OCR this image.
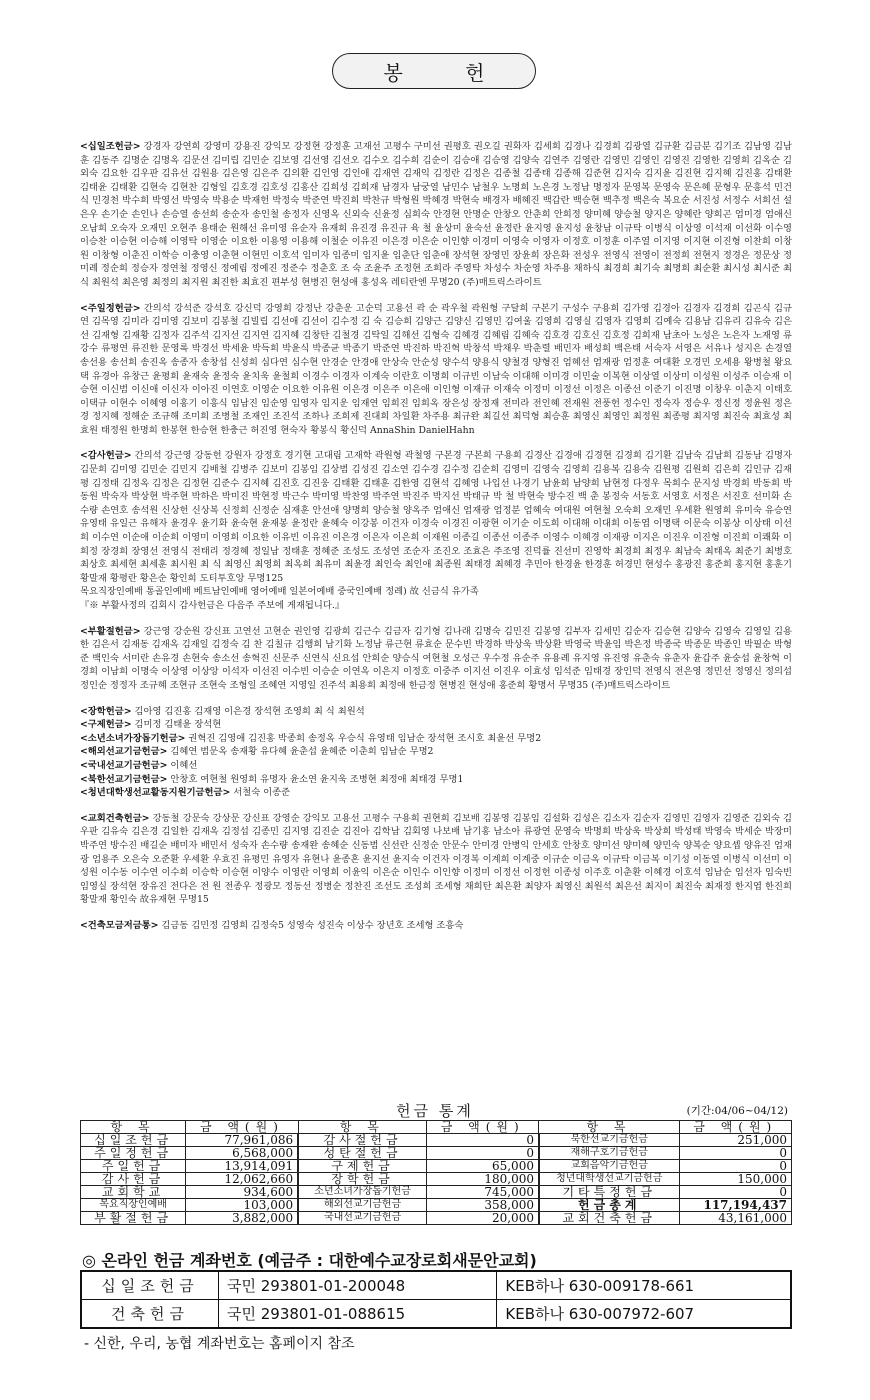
봉 헌
<십일조헌금> 강경자 강연희 강영미 강용진 강익모 강정현 강정훈 고재선 고평수 구미선 권평호 권오길 권화자 김세희 김경나 김경희 김광열 김규환 김금분 김기조 김남영 김남훈 김동주 김명순 김명옥 김문선 김미립 김민순 김보영 김선영 김선오 김수오 김수희 김순이 김승애 김승영 김양숙 김연주 김영란 김영민 김영인 김영진 김영한 김영희 김옥순 김외숙 김요한 김우판 김유선 김원용 김은영 김은주 김의환 김인영 김인애 김재연 김재익 김정란 김정은 김종철 김종태 김종해 김준현 김지숙 김지윤 김진현 김지혜 김진홍 김태환 김태윤 김태환 김현숙 김현찬 김형일 김호경 김호성 김홍산 김희성 김희재 남경자 남궁열 남민수 남철우 노명희 노은경 노정남 명정자 문영복 문영숙 문은혜 문형우 문흥석 민건식 민경천 박수희 박영선 박영숙 박용순 박재헌 박정숙 박준연 박진희 박찬규 박형원 박혜경 박현숙 배경자 배혜진 백갑란 백승현 백추정 백은숙 복요순 서진성 서정수 서희선 설은우 손기순 손인나 손승열 송선희 송순자 송인철 송정자 신영옥 신외숙 신윤정 심희숙 안경현 안명순 안창오 안춘희 안희정 양미혜 양승철 양지은 양혜란 양희곤 엄미경 엄애신 오남희 오숙자 오재민 오현주 용태순 원해선 유미영 유순자 유재희 유진경 유진규 육 철 윤상미 윤숙선 윤정란 윤지영 윤지성 윤창남 이규탁 이병식 이상영 이석재 이선화 이수영 이승찬 이승현 이승해 이영탁 이영순 이요한 이용영 이용해 이철순 이유진 이은경 이은순 이인향 이경미 이영숙 이영자 이정호 이정훈 이주열 이지영 이지현 이진형 이찬희 이창원 이창형 이춘진 이학승 이충영 이춘현 이현민 이호석 임미자 임종미 임지윤 임춘단 임춘애 장석현 장영민 장윤희 장은화 전성우 전영식 전영이 전정희 전현지 정경은 정문상 정미례 정순희 정승자 정연철 정영신 정예림 정예진 정준수 정춘호 조 숙 조윤주 조정현 조희라 주영탁 차성수 차순영 차주용 채하식 최경희 최기숙 최명희 최순환 최시성 최시준 최 식 최원석 최은영 최정의 최지원 최진한 최효진 편부성 현병진 현성애 홍성옥 레티란엔 무명20 (주)매트릭스라이트
<주일정헌금> 간의석 강석준 강석호 강신덕 강영희 강정난 강춘운 고순덕 고용선 곽 순 곽우철 곽원형 구달희 구본기 구성수 구용희 김가영 김경아 김경자 김경희 김곤식 김규연 김목영 김미라 김미영 김보미 김봉철 김빌립 김선애 김선이 김수정 김 숙 김승희 김양근 김양신 김영민 김여울 김영희 김영실 김영자 김영희 김예숙 김용남 김유리 김유숙 김은선 김재형 김재황 김정자 김주석 김지선 김지연 김지혜 김창탄 김철경 김탁일 김해선 김형숙 김혜경 김혜림 김혜숙 김호경 김호신 김호정 김희재 남초아 노성은 노은자 노재영 류강수 류평연 류진한 문영록 박경선 박세윤 박득희 박윤식 박종균 박종기 박준연 박진하 박진혁 박창석 박채우 박춘렬 배민자 배성희 백은태 서숙자 서영은 서유나 성지은 손경열 송선용 송선희 송진옥 송종자 송창섭 신성희 심다연 심수현 안경순 안경애 안상숙 안순성 양수석 양용식 양철경 양형진 엄혜선 엄재광 엄정훈 여대환 오경민 오세용 왕병철 왕요택 유경아 유창근 윤평희 윤재숙 윤정숙 윤치욱 윤철희 이경수 이경자 이계숙 이란호 이명희 이규빈 이남숙 이대해 이미경 이민술 이복현 이상열 이상미 이성원 이성주 이승재 이승현 이신범 이신애 이신자 이아진 이연호 이영순 이요한 이유원 이은경 이은주 이은애 이인형 이재규 이재숙 이정미 이정선 이정은 이종선 이준기 이진명 이창우 이춘지 이태호 이택규 이현수 이혜영 이홍기 이흥식 임남진 임순영 임영자 임지운 임재연 임희진 임희옥 장은성 장정재 전미라 전인혜 전재원 전풍헌 정수인 정숙자 정승우 정신정 정윤원 정은경 정지혜 정해순 조규해 조미희 조병철 조재인 조진석 조하나 조희제 진대희 차일환 차주용 최규완 최길선 최덕형 최승훈 최영신 최영인 최정원 최종평 최지영 최진숙 최효성 최효원 태정원 한명희 한봉현 한승현 한충근 허진영 현숙자 황봉식 황신덕 AnnaShin DanielHahn
<감사헌금> 간의석 강근영 강동헌 강원자 강정호 경기현 고대림 고재학 곽원형 곽철영 구본경 구본희 구용희 김경산 김경애 김경현 김경희 김기환 김남숙 김남희 김동남 김명자 김문희 김미영 김민순 김민지 김배철 김병주 김보미 김봉임 김상범 김성진 김소연 김수경 김수정 김순희 김영미 김영숙 김영희 김용복 김용숙 김원평 김원희 김은희 김인규 김재평 김정태 김정옥 김정은 김정현 김준수 김지혜 김진호 김진웅 김태환 김태훈 김한영 김현석 김혜영 나입선 나경기 남윤희 남양희 남현정 다정우 목희수 문지성 박경희 박동희 박동원 박숙자 박상현 박주현 박하은 박미진 박현정 박근수 박미영 박찬영 박주연 박진주 박지선 박태규 박 철 박현숙 방수진 백 춘 봉정숙 서동호 서영호 서정은 서진호 선미화 손수량 손연호 송석원 신상헌 신상복 신정희 신정순 심재훈 안선애 양명희 양승철 양옥주 엄애신 엄재광 엄정분 엄혜숙 여대원 여현철 오숙희 오재민 우세환 원영희 유미숙 유승연 유영태 유일근 유해자 윤경우 윤기화 윤숙현 윤재봉 윤정란 윤혜숙 이강봉 이건자 이경숙 이경진 이광현 이기순 이도희 이대해 이대희 이동엽 이명택 이문숙 이봉상 이상태 이선희 이수연 이순애 이순희 이영미 이영희 이요한 이유빈 이유진 이은경 이은자 이은희 이재원 이종길 이종선 이종주 이영수 이혜경 이재광 이지은 이진우 이진형 이진희 이쾌화 이희정 장경희 장영선 전영식 전태리 정경혜 정일남 정태훈 정혜준 조성도 조성연 조순자 조진오 조효은 주조영 진덕률 진선미 진영학 최경희 최정우 최남숙 최태옥 최준기 최병호 최상호 최세현 최세훈 최시원 최 식 최영신 최영희 최옥희 최유미 최윤경 최인숙 최인애 최종원 최태경 최혜경 추민아 한경윤 한경훈 허경민 현성수 홍광진 홍준희 홍지현 홍훈기 황말재 황평란 황은순 황인희 도티투호앙 무명125
목요직장인예배 통골인예배 베트남인예배 영어예배 일본어예배 중국인예배 정례) 故 신금식 유가족
『※ 부활사정의 김회시 감사헌금은 다음주 주보에 게재됩니다.』
<부활절헌금> 강근영 강순원 강신표 고연선 고현순 권인영 김광희 김근수 김금자 김기형 김나래 김명숙 김민진 김봉영 김부자 김세민 김순자 김승현 김양숙 김영숙 김영일 김용한 김은서 김재동 김재옥 김재일 김정숙 김 찬 김칠규 김행희 남기화 노정남 류근현 류효순 문수빈 박경하 박상욱 박상환 박영국 박윤임 박은정 박종국 박종문 박종인 박필순 박형준 백인숙 서미란 손유경 손현숙 송소선 송혁진 신문주 신연식 신요섭 안희순 양승식 여현철 오성근 우수정 유순주 유용례 유지영 유진영 유춘숙 유춘자 윤갑주 윤숭섭 윤창혁 이경희 이남희 이명숙 이상영 이상앙 이석자 이선진 이수빈 이승순 이연옥 이은지 이정호 이중주 이지선 이진우 이효성 임석준 임태경 장인덕 전영식 전은영 정민선 정영신 정의섭 정인순 정정자 조규혜 조현규 조현숙 조형일 조혜연 지영일 진주석 최용희 최정애 한금정 현병진 현성애 홍준희 황명서 무명35 (주)매트릭스라이트
<장학헌금> 김아영 김진홍 김재영 이은경 장석현 조영희 최 식 최원석
<구제헌금> 김미정 김태윤 장석현
<소년소녀가장돕기헌금> 권혁진 김영애 김진홍 박종희 송정옥 우승식 유영태 임남순 장석현 조시호 최윤선 무명2
<해외선교기금헌금> 김혜연 범문옥 송재황 유다혜 윤춘섭 윤혜준 이춘희 임남순 무명2
<국내선교기금헌금> 이혜선
<북한선교기금헌금> 안창호 여현철 원영희 유명자 윤소연 윤지욱 조병현 최정애 최태경 무명1
<청년대학생선교활동지원기금헌금> 서철숙 이종준
<교회건축헌금> 강동철 강문숙 강상문 강신표 강영순 강익모 고용선 고평수 구용희 권현희 김보배 김봉영 김봉임 김설화 김성은 김소자 김순자 김영민 김영자 김영준 김외숙 김우판 김유숙 김은경 김일한 김재옥 김정섭 김종민 김지영 김진순 김진아 김학남 김회영 나보배 남기홍 남소아 류광연 문영숙 박명희 박상욱 박상희 박성태 박영숙 박세순 박장미 박주연 방수진 배길순 배미자 배민서 성숙자 손수량 송재완 송혜순 신동범 신선란 신정순 안문수 안미경 안병익 안세호 안창호 양미선 양미혜 양민숙 양복순 양요셉 양유진 엄재광 엄용주 오은숙 오준환 우세환 우효진 유평민 유영자 유현나 윤종혼 윤지선 윤지숙 이건자 이경복 이계희 이계중 이규순 이금옥 이규탁 이금복 이기성 이동열 이병식 이선미 이성원 이수동 이수연 이수희 이승학 이승현 이양수 이영란 이영희 이윤익 이은순 이인수 이인향 이정미 이정선 이정헌 이종성 이주호 이춘환 이혜경 이호석 임남순 임선자 임숙빈 임영실 장석현 장유진 전다은 전 원 전종우 정광모 정동선 정병순 정찬진 조선도 조성희 조세형 채희탄 최은환 최양자 최영신 최원석 최은선 최지이 최진숙 최재정 한지엽 한진희 황말재 황인숙 故유재현 무명15
<건축모금저금통> 김금동 김민정 김영희 김정숙5 성영숙 성진숙 이상수 장년호 조세형 조흥숙
헌금 통계	(기간:04/06~04/12)
항 목	금 액(원)	항 목	금 액(원)	항 목	금 액(원)
십일조헌금	77,961,086	감사절헌금	0	북한선교기금헌금	251,000
주일정헌금	6,568,000	성탄절헌금	0	재해구호기금헌금	0
주일헌금	13,914,091	구제헌금	65,000	교회음악기금헌금	0
감사헌금	12,062,660	장학헌금	180,000	청년대학생선교기금헌금	150,000
교회학교	934,600	소년소녀가장돕기헌금	745,000	기타특정헌금	0
목요직장인예배	103,000	해외선교기금헌금	358,000	헌금총계	117,194,437
부활절헌금	3,882,000	국내선교기금헌금	20,000	교회건축헌금	43,161,000
◎ 온라인 헌금 계좌번호 (예금주 : 대한예수교장로회새문안교회)
십일조헌금	국민 293801-01-200048	KEB하나 630-009178-661
건축헌금	국민 293801-01-088615	KEB하나 630-007972-607
- 신한, 우리, 농협 계좌번호는 홈페이지 참조
